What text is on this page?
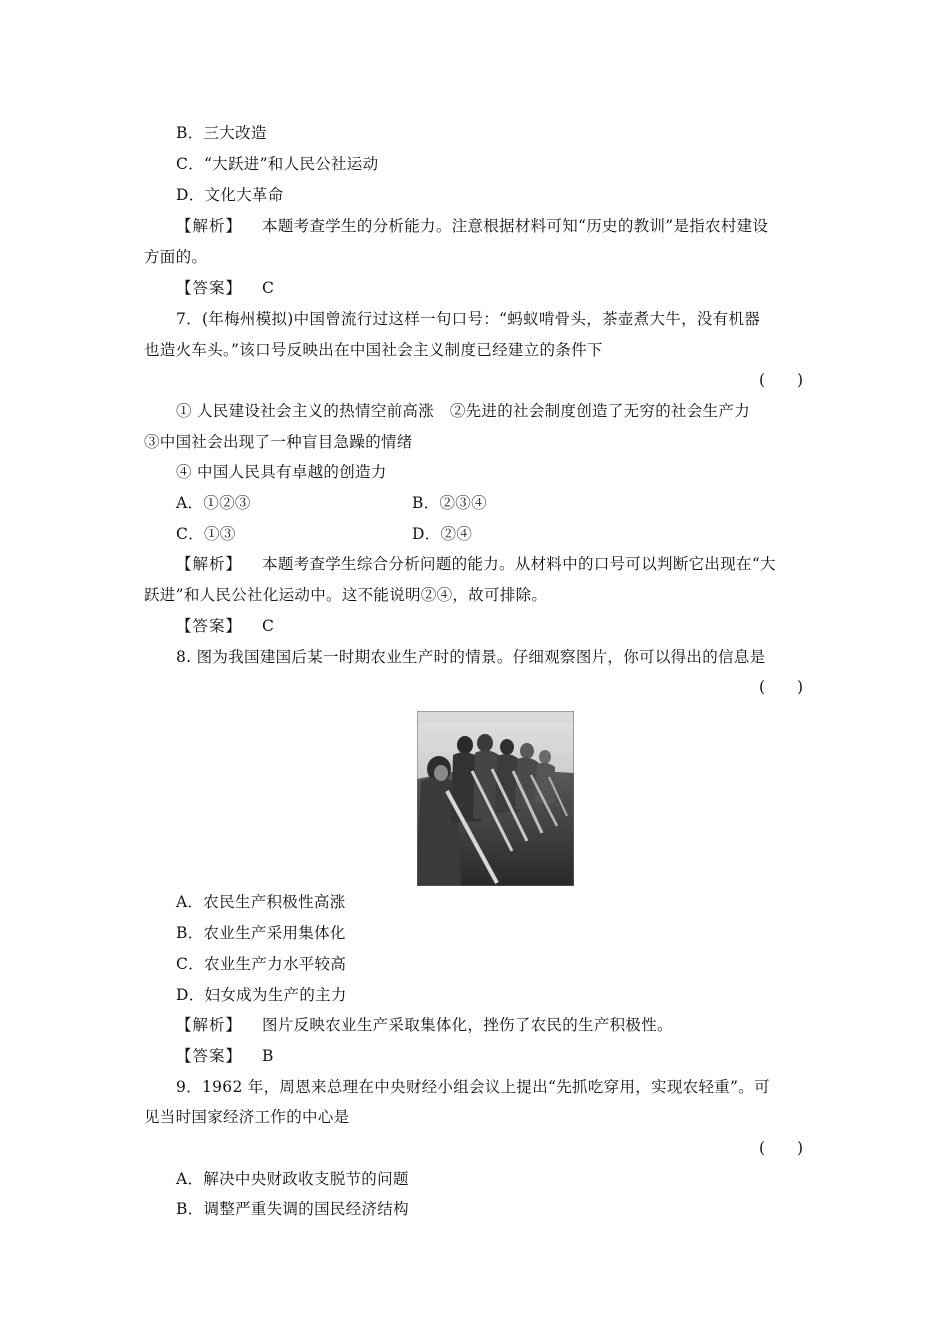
B．三大改造
C．“大跃进”和人民公社运动
D．文化大革命
【解析】 本题考查学生的分析能力。注意根据材料可知“历史的教训”是指农村建设
方面的。
【答案】 C
7．(年梅州模拟)中国曾流行过这样一句口号：“蚂蚁啃骨头，茶壶煮大牛，没有机器
也造火车头。”该口号反映出在中国社会主义制度已经建立的条件下
(　　)
① 人民建设社会主义的热情空前高涨　②先进的社会制度创造了无穷的社会生产力
③中国社会出现了一种盲目急躁的情绪
④ 中国人民具有卓越的创造力
A．①②③	B．②③④
C．①③	D．②④
【解析】 本题考查学生综合分析问题的能力。从材料中的口号可以判断它出现在“大
跃进”和人民公社化运动中。这不能说明②④，故可排除。
【答案】 C
8. 图为我国建国后某一时期农业生产时的情景。仔细观察图片，你可以得出的信息是
(　　)
A．农民生产积极性高涨
B．农业生产采用集体化
C．农业生产力水平较高
D．妇女成为生产的主力
【解析】 图片反映农业生产采取集体化，挫伤了农民的生产积极性。
【答案】 B
9．1962 年，周恩来总理在中央财经小组会议上提出“先抓吃穿用，实现农轻重”。可
见当时国家经济工作的中心是
(　　)
A．解决中央财政收支脱节的问题
B．调整严重失调的国民经济结构
